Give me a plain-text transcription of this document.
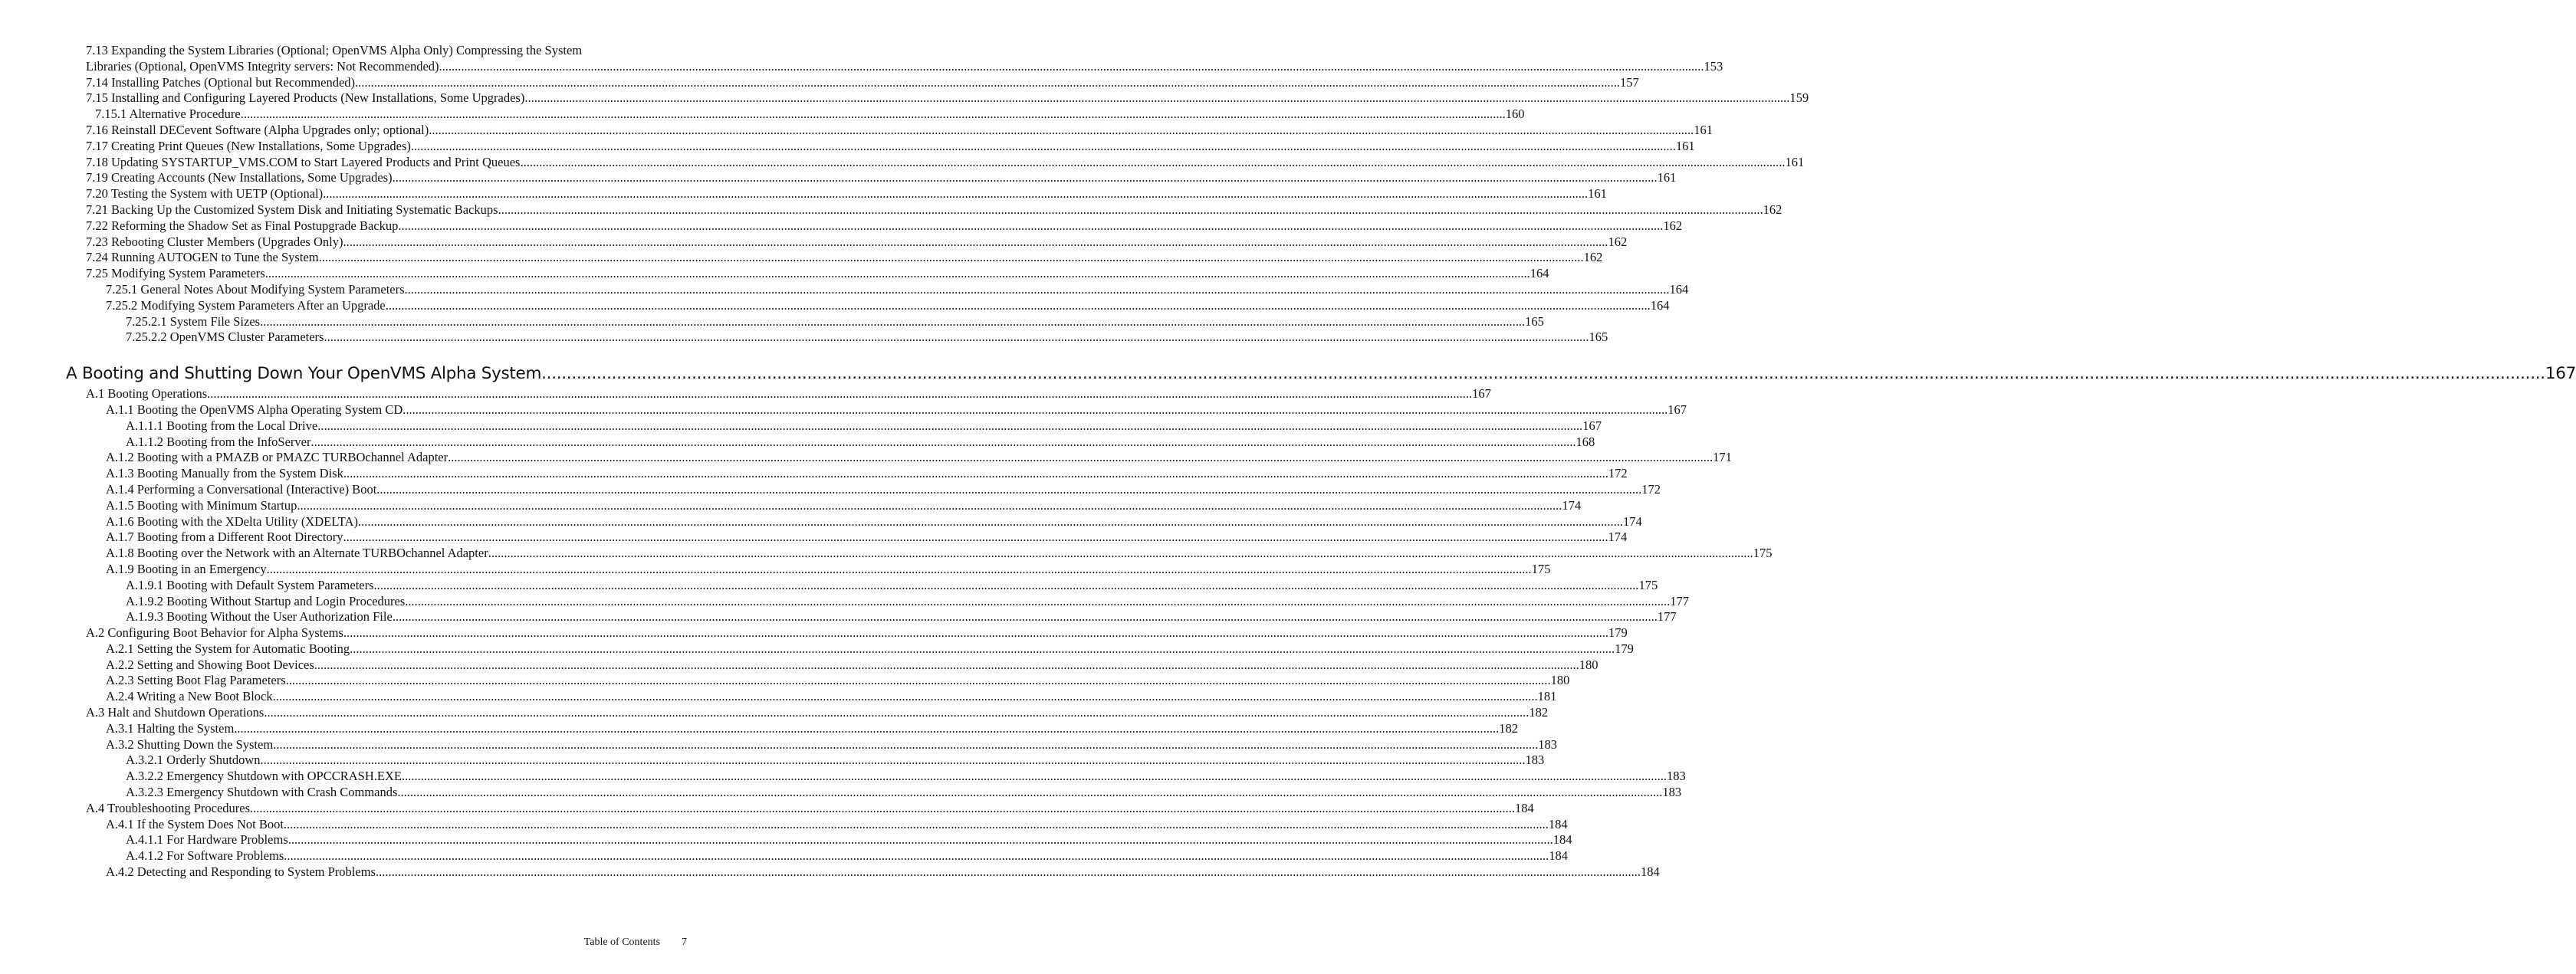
7.13 Expanding the System Libraries (Optional; OpenVMS Alpha Only) Compressing the System
Libraries (Optional, OpenVMS Integrity servers: Not Recommended) .....	153
7.14 Installing Patches (Optional but Recommended) .....	157
7.15 Installing and Configuring Layered Products (New Installations, Some Upgrades) .....	159
7.15.1 Alternative Procedure .....	160
7.16 Reinstall DECevent Software (Alpha Upgrades only; optional) .....	161
7.17 Creating Print Queues (New Installations, Some Upgrades) .....	161
7.18 Updating SYSTARTUP_VMS.COM to Start Layered Products and Print Queues .....	161
7.19 Creating Accounts (New Installations, Some Upgrades) .....	161
7.20 Testing the System with UETP (Optional) .....	161
7.21 Backing Up the Customized System Disk and Initiating Systematic Backups .....	162
7.22 Reforming the Shadow Set as Final Postupgrade Backup .....	162
7.23 Rebooting Cluster Members (Upgrades Only) .....	162
7.24 Running AUTOGEN to Tune the System .....	162
7.25 Modifying System Parameters .....	164
7.25.1 General Notes About Modifying System Parameters .....	164
7.25.2 Modifying System Parameters After an Upgrade .....	164
7.25.2.1 System File Sizes .....	165
7.25.2.2 OpenVMS Cluster Parameters .....	165
A Booting and Shutting Down Your OpenVMS Alpha System .....	167
A.1 Booting Operations .....	167
A.1.1 Booting the OpenVMS Alpha Operating System CD .....	167
A.1.1.1 Booting from the Local Drive .....	167
A.1.1.2 Booting from the InfoServer .....	168
A.1.2 Booting with a PMAZB or PMAZC TURBOchannel Adapter .....	171
A.1.3 Booting Manually from the System Disk .....	172
A.1.4 Performing a Conversational (Interactive) Boot .....	172
A.1.5 Booting with Minimum Startup .....	174
A.1.6 Booting with the XDelta Utility (XDELTA) .....	174
A.1.7 Booting from a Different Root Directory .....	174
A.1.8 Booting over the Network with an Alternate TURBOchannel Adapter .....	175
A.1.9 Booting in an Emergency .....	175
A.1.9.1 Booting with Default System Parameters .....	175
A.1.9.2 Booting Without Startup and Login Procedures .....	177
A.1.9.3 Booting Without the User Authorization File .....	177
A.2 Configuring Boot Behavior for Alpha Systems .....	179
A.2.1 Setting the System for Automatic Booting .....	179
A.2.2 Setting and Showing Boot Devices .....	180
A.2.3 Setting Boot Flag Parameters .....	180
A.2.4 Writing a New Boot Block .....	181
A.3 Halt and Shutdown Operations .....	182
A.3.1 Halting the System .....	182
A.3.2 Shutting Down the System .....	183
A.3.2.1 Orderly Shutdown .....	183
A.3.2.2 Emergency Shutdown with OPCCRASH.EXE .....	183
A.3.2.3 Emergency Shutdown with Crash Commands .....	183
A.4 Troubleshooting Procedures .....	184
A.4.1 If the System Does Not Boot .....	184
A.4.1.1 For Hardware Problems .....	184
A.4.1.2 For Software Problems .....	184
A.4.2 Detecting and Responding to System Problems .....	184
Table of Contents 7
